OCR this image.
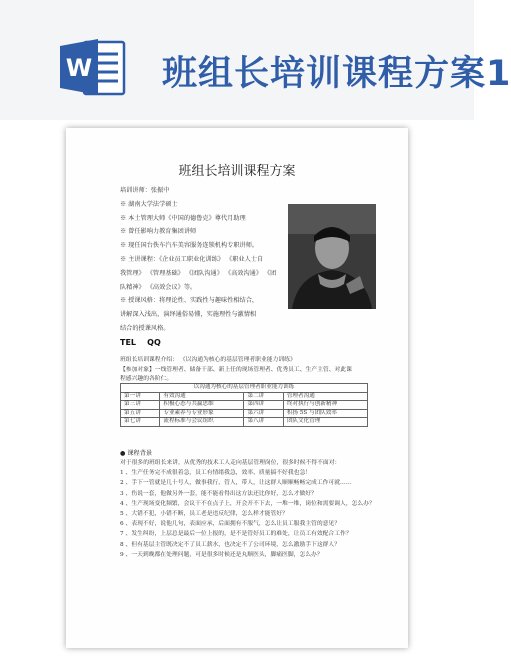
W 班组长培训课程方案1
班组长培训课程方案
培训讲师：张振中
※ 湖南大学法学硕士
※ 本土管理大师《中国的德鲁克》尊代月助理
※ 曾任影响力教育集团讲师
※ 现任国台佚车汽车美容服务连锁机构专职讲师。
※ 主讲课程：《企业员工职业化训练》 《职业人士自
我管理》 《管理基础》 《团队沟通》 《高效沟通》 《团
队精神》 《高效会议》等。
※ 授课风格：将理论性、实践性与趣味性相结合，
讲解深入浅出，演绎通俗易懂，实施理性与激情相
结合的授课风格。
TEL QQ
班组长培训课程介绍： 《以沟通为核心的基层管理者职业能力训练》
【参加对象】一线管理者、储备干部、新上任的现场管理者、优秀员工、生产主管、对此课
程感兴趣的各阶仁。
以沟通为核心的基层管理者职业能力训练			
第一讲	有效沟通	第二讲	管理者沟通
第三讲	积极心态与共赢思维	第四讲	终对执行与创新精神
第五讲	专业素养与专业形象	第六讲	积扬 5S 与团队效率
第七讲	流程标准与会议组织	第八讲	团队文化管理
● 课程背景
对于很多的班组长来讲，从优秀的技术工人走向基层管理岗位，很多时候不得不面对：
1 、生产任务完不成很着急，员工有情绪我急，效率、质量搞不好我也急！
2 、手下一管就是几十号人，做事我行，管人，带人，让这群人顺顺畅畅完成工作可就……
3 、伤说一套，他做另外一套，能不能看得出这方法还比你好，怎么才做好？
4 、生产现场变化频繁，会议干不在点子上，开会开不下去，一堆一堆，岗位和需要调人，怎么办？
5 、大错不犯，小错不断，员工老是违反纪律，怎么样才能管好？
6 、表现不好，说他几句，表面应承，后面拥有不服气，怎么让员工服我主管的意见？
7 、发生纠纷，上层总是最后一位上报的，是不是管好员工的难处，让员工有效配合工作？
8 、但有基层主管既决定不了员工薪水，也决定不了公司环境，怎么激励手下这群人？
9 、一天到晚都在处理问题，可是很多时候还是丸顺医头，脚痛医脚，怎么办？
